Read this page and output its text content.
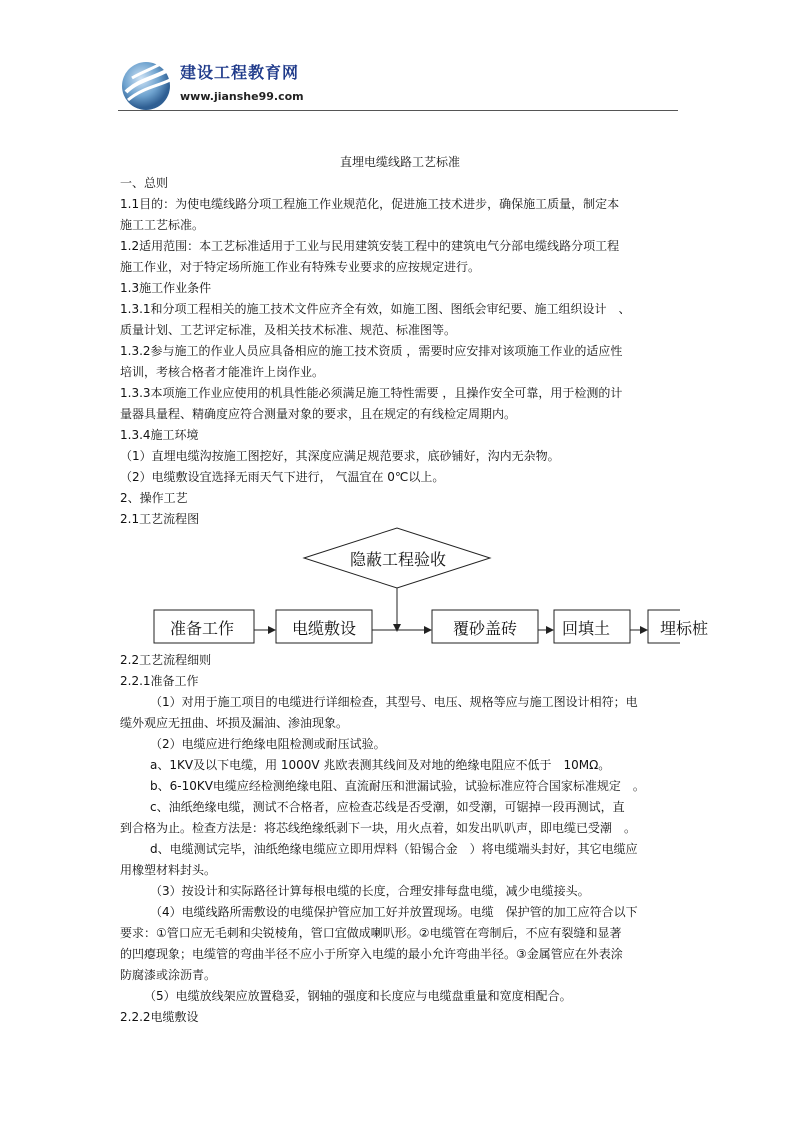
建设工程教育网
www.jianshe99.com
直埋电缆线路工艺标准
一、总则
1.1目的：为使电缆线路分项工程施工作业规范化，促进施工技术进步，确保施工质量，制定本
施工工艺标准。
1.2适用范围：本工艺标准适用于工业与民用建筑安装工程中的建筑电气分部电缆线路分项工程
施工作业，对于特定场所施工作业有特殊专业要求的应按规定进行。
1.3施工作业条件
1.3.1和分项工程相关的施工技术文件应齐全有效，如施工图、图纸会审纪要、施工组织设计　、
质量计划、工艺评定标准，及相关技术标准、规范、标准图等。
1.3.2参与施工的作业人员应具备相应的施工技术资质 ，需要时应安排对该项施工作业的适应性
培训，考核合格者才能准许上岗作业。
1.3.3本项施工作业应使用的机具性能必须满足施工特性需要 ，且操作安全可靠，用于检测的计
量器具量程、精确度应符合测量对象的要求，且在规定的有线检定周期内。
1.3.4施工环境
（1）直埋电缆沟按施工图挖好，其深度应满足规范要求，底砂铺好，沟内无杂物。
（2）电缆敷设宜选择无雨天气下进行， 气温宜在 0℃以上。
2、操作工艺
2.1工艺流程图
隐蔽工程验收
准备工作	电缆敷设	覆砂盖砖	回填土	埋标桩
2.2工艺流程细则
2.2.1准备工作
（1）对用于施工项目的电缆进行详细检查，其型号、电压、规格等应与施工图设计相符；电
缆外观应无扭曲、坏损及漏油、渗油现象。
（2）电缆应进行绝缘电阻检测或耐压试验。
a、1KV及以下电缆，用 1000V 兆欧表测其线间及对地的绝缘电阻应不低于　10MΩ。
b、6-10KV电缆应经检测绝缘电阻、直流耐压和泄漏试验，试验标准应符合国家标准规定　。
c、油纸绝缘电缆，测试不合格者，应检查芯线是否受潮，如受潮，可锯掉一段再测试，直
到合格为止。检查方法是：将芯线绝缘纸剥下一块，用火点着，如发出叭叭声，即电缆已受潮　。
d、电缆测试完毕，油纸绝缘电缆应立即用焊料（铅锡合金　）将电缆端头封好，其它电缆应
用橡塑材料封头。
（3）按设计和实际路径计算每根电缆的长度，合理安排每盘电缆，减少电缆接头。
（4）电缆线路所需敷设的电缆保护管应加工好并放置现场。电缆　保护管的加工应符合以下
要求：①管口应无毛刺和尖锐棱角，管口宜做成喇叭形。②电缆管在弯制后，不应有裂缝和显著
的凹瘪现象；电缆管的弯曲半径不应小于所穿入电缆的最小允许弯曲半径。③金属管应在外表涂
防腐漆或涂沥青。
（5）电缆放线架应放置稳妥，钢轴的强度和长度应与电缆盘重量和宽度相配合。
2.2.2电缆敷设
